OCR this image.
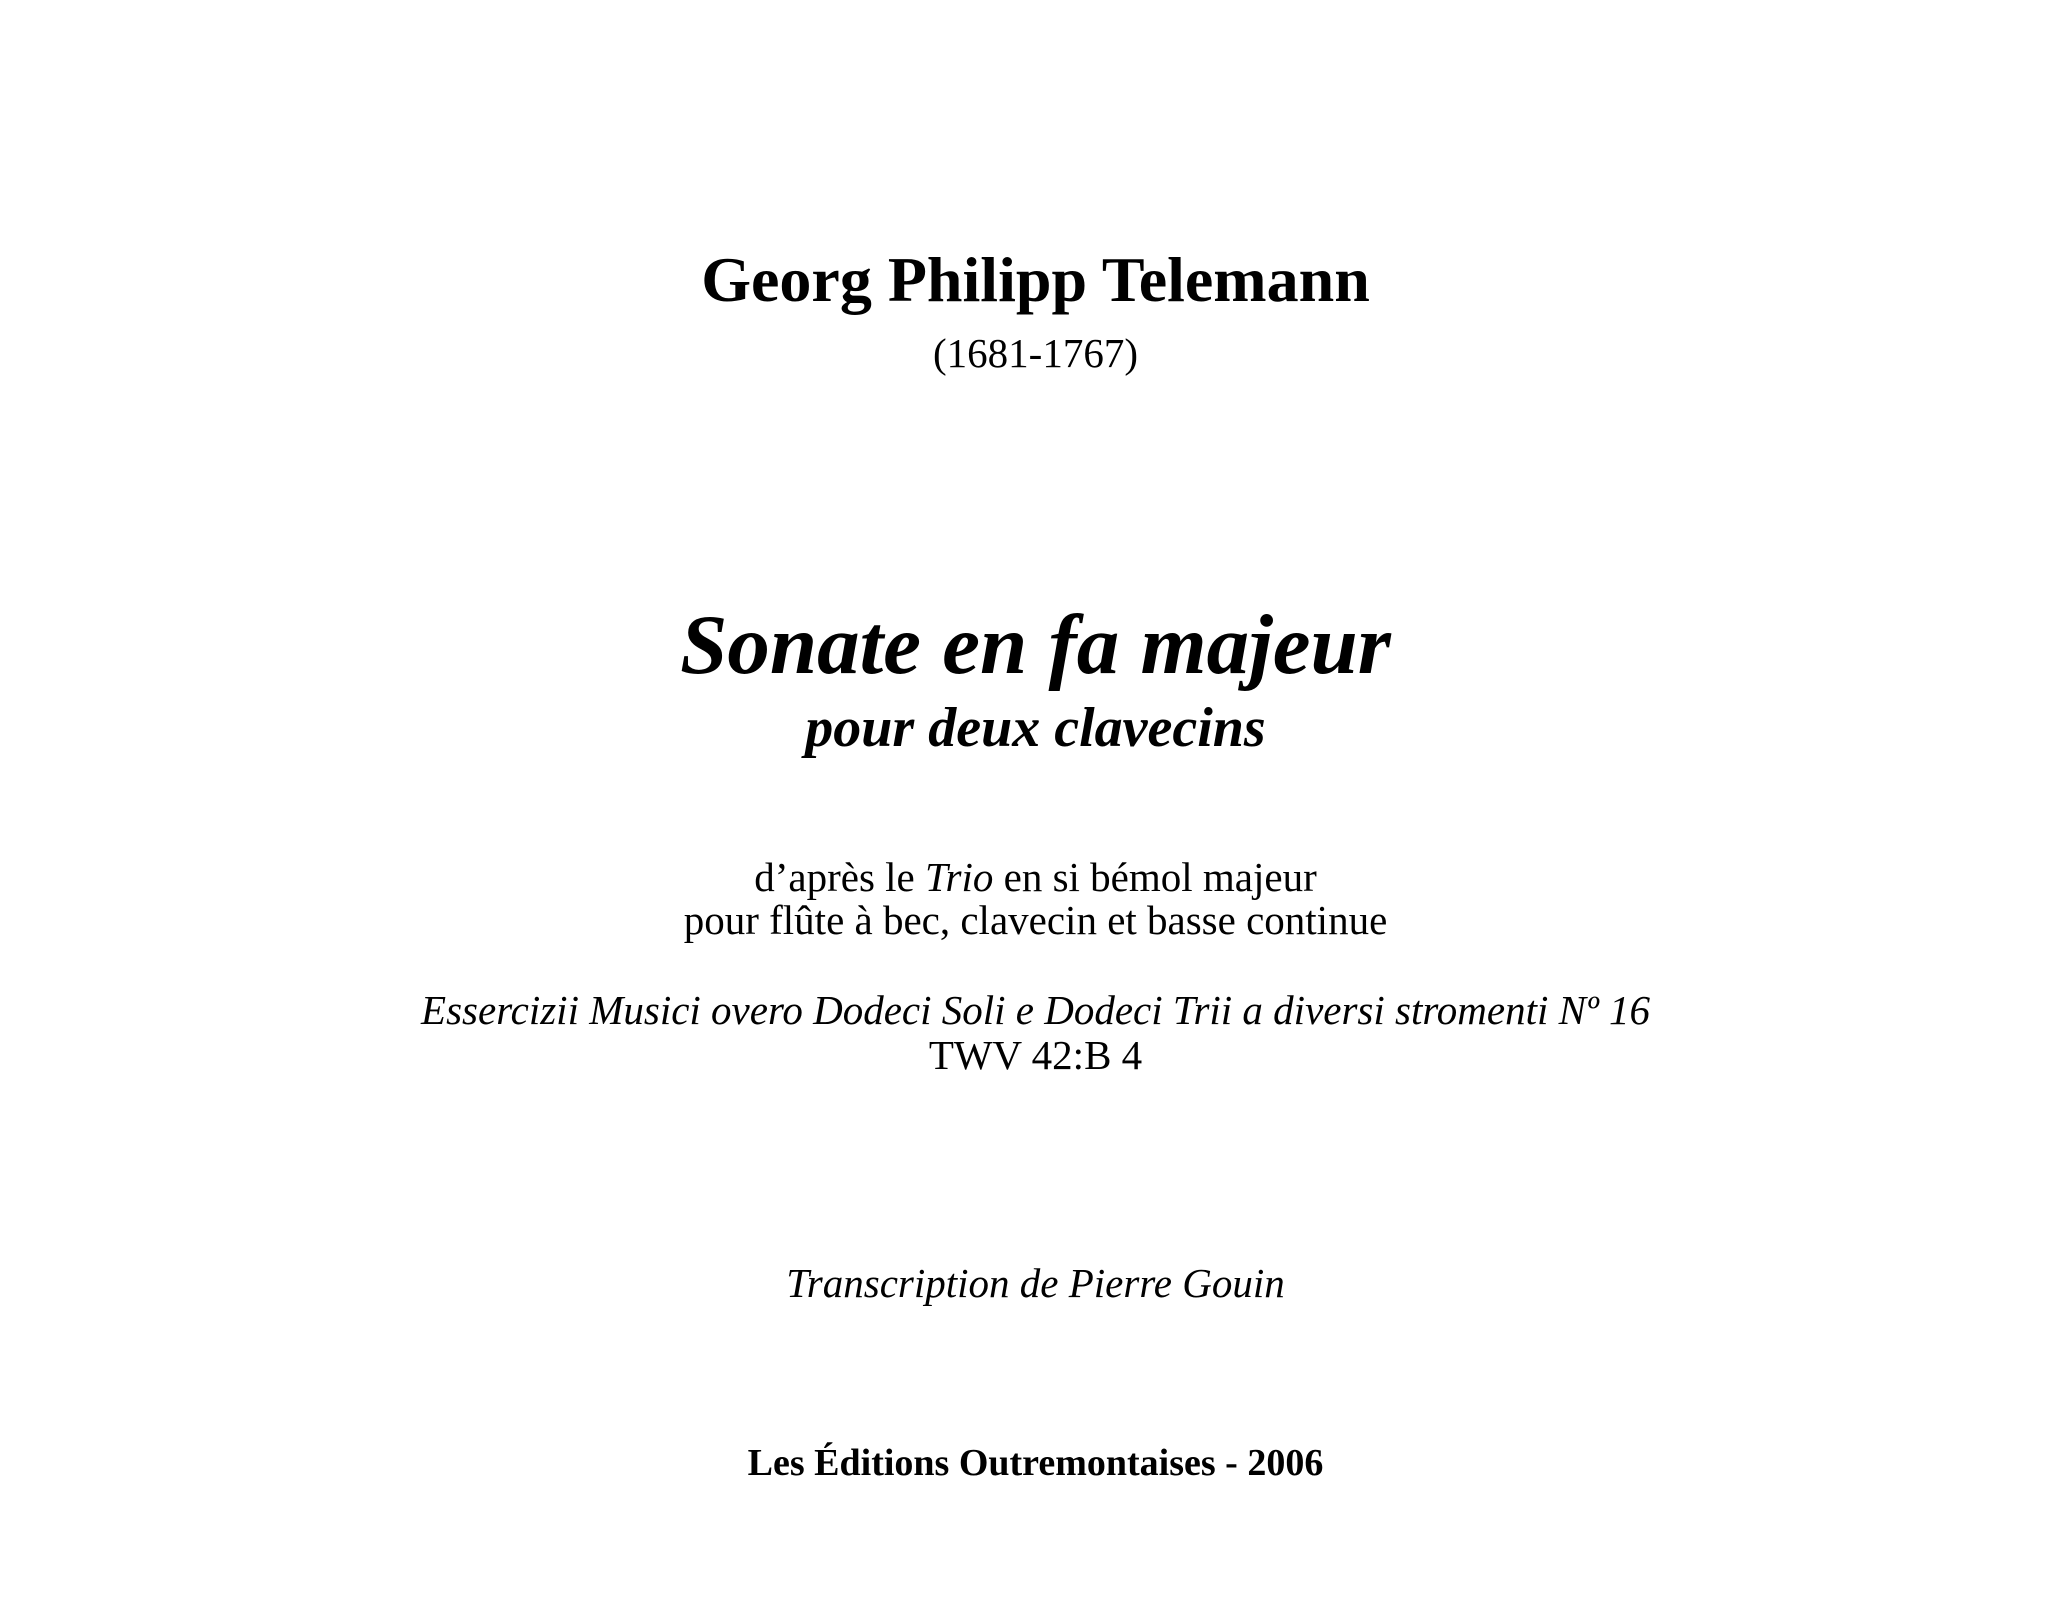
Georg Philipp Telemann
(1681-1767)
Sonate en fa majeur
pour deux clavecins
d’après le Trio en si bémol majeur
pour flûte à bec, clavecin et basse continue
Essercizii Musici overo Dodeci Soli e Dodeci Trii a diversi stromenti Nº 16
TWV 42:B 4
Transcription de Pierre Gouin
Les Éditions Outremontaises - 2006
